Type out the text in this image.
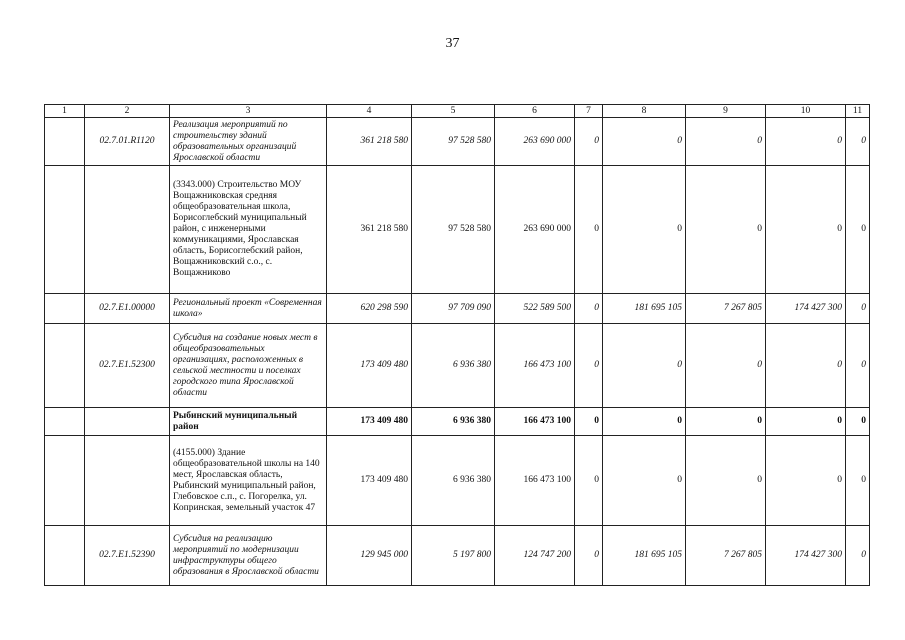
37
1	2	3	4	5	6	7	8	9	10	11
	02.7.01.R1120	Реализация мероприятий по строительству зданий образовательных организаций Ярославской области	361 218 580	97 528 580	263 690 000	0	0	0	0	0
		(3343.000) Строительство МОУ Вощажниковская средняя общеобразовательная школа, Борисоглебский муниципальный район, с инженерными коммуникациями, Ярославская область, Борисоглебский район, Вощажниковский с.о., с. Вощажниково	361 218 580	97 528 580	263 690 000	0	0	0	0	0
	02.7.Е1.00000	Региональный проект «Современная школа»	620 298 590	97 709 090	522 589 500	0	181 695 105	7 267 805	174 427 300	0
	02.7.Е1.52300	Субсидия на создание новых мест в общеобразовательных организациях, расположенных в сельской местности и поселках городского типа Ярославской области	173 409 480	6 936 380	166 473 100	0	0	0	0	0
		Рыбинский муниципальный район	173 409 480	6 936 380	166 473 100	0	0	0	0	0
		(4155.000) Здание общеобразовательной школы на 140 мест, Ярославская область, Рыбинский муниципальный район, Глебовское с.п., с. Погорелка, ул. Копринская, земельный участок 47	173 409 480	6 936 380	166 473 100	0	0	0	0	0
	02.7.Е1.52390	Субсидия на реализацию мероприятий по модернизации инфраструктуры общего образования в Ярославской области	129 945 000	5 197 800	124 747 200	0	181 695 105	7 267 805	174 427 300	0
